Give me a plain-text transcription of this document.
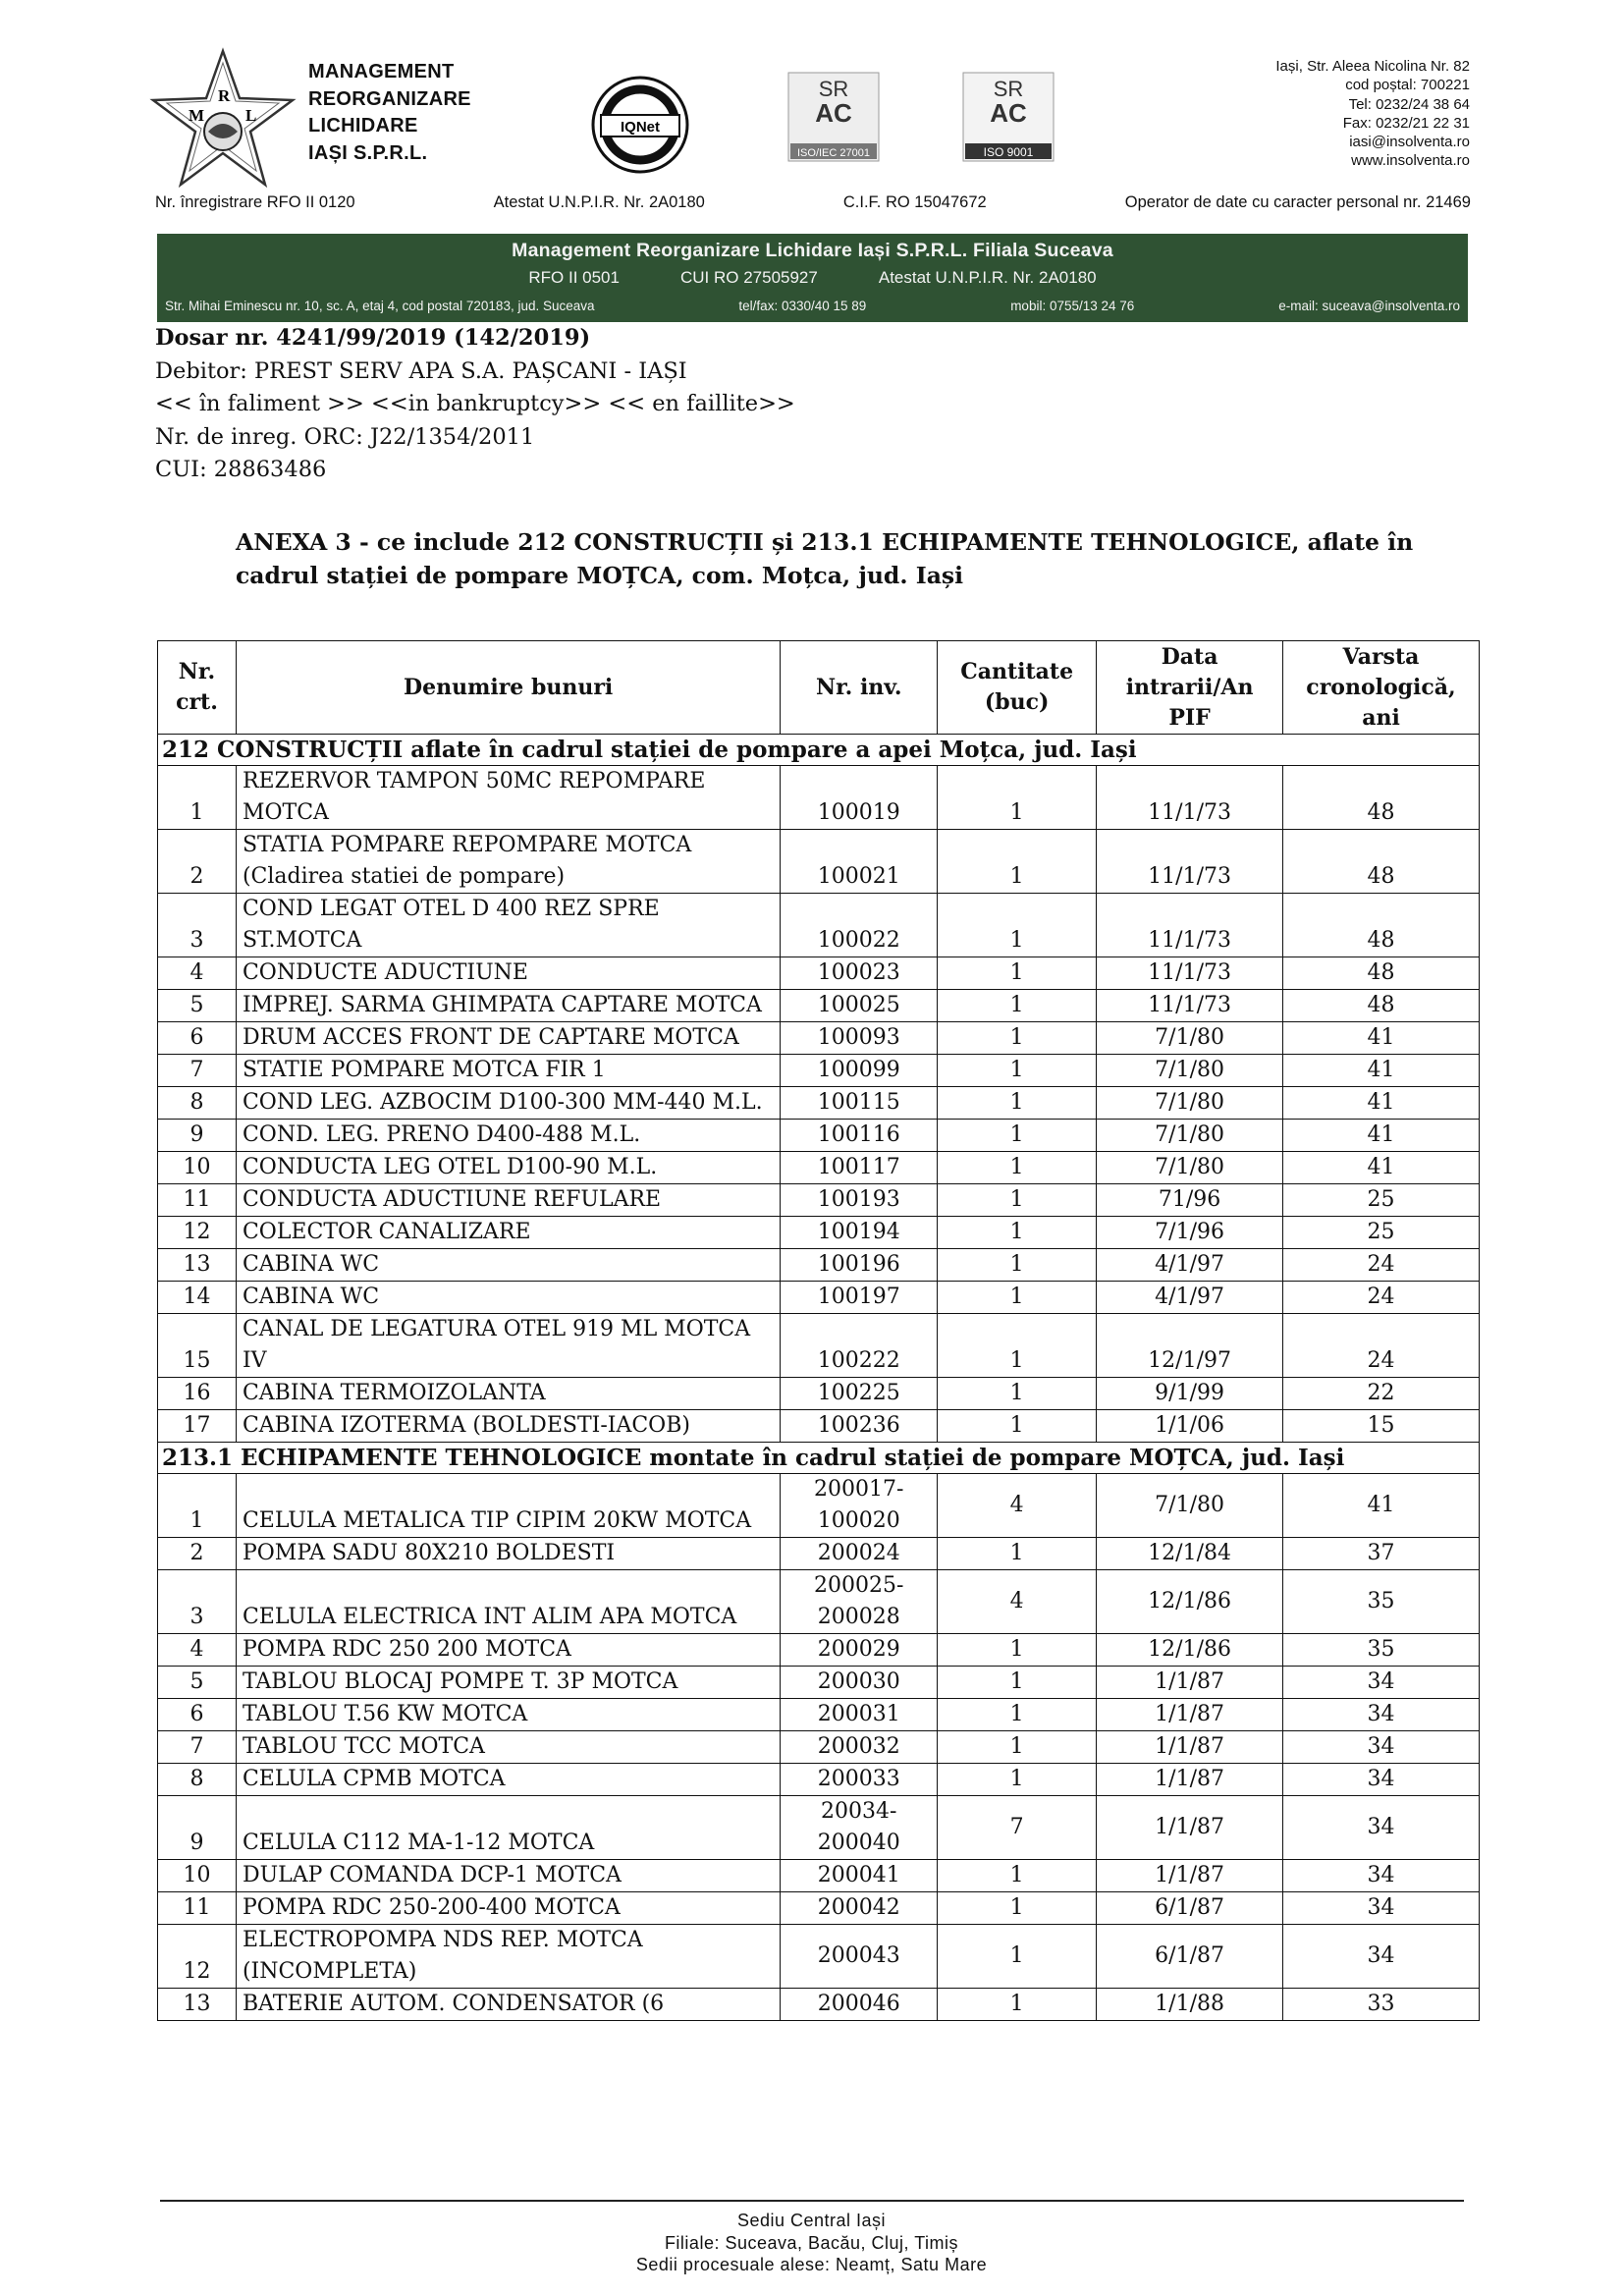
M
R
L
MANAGEMENT
REORGANIZARE
LICHIDARE
IAȘI S.P.R.L.
IQNet
SR
AC
ISO/IEC 27001
SR
AC
ISO 9001
Iași, Str. Aleea Nicolina Nr. 82
cod poștal: 700221
Tel: 0232/24 38 64
Fax: 0232/21 22 31
iasi@insolventa.ro
www.insolventa.ro
Nr. înregistrare RFO II 0120	Atestat U.N.P.I.R. Nr. 2A0180	C.I.F. RO 15047672	Operator de date cu caracter personal nr. 21469
Management Reorganizare Lichidare Iași S.P.R.L. Filiala Suceava
RFO II 0501	CUI RO 27505927	Atestat U.N.P.I.R. Nr. 2A0180
Str. Mihai Eminescu nr. 10, sc. A, etaj 4, cod postal 720183, jud. Suceava	tel/fax: 0330/40 15 89	mobil: 0755/13 24 76	e-mail: suceava@insolventa.ro
Dosar nr. 4241/99/2019 (142/2019)
Debitor: PREST SERV APA S.A. PAȘCANI - IAȘI
<< în faliment >> <<in bankruptcy>> << en faillite>>
Nr. de inreg. ORC: J22/1354/2011
CUI: 28863486
ANEXA 3 - ce include 212 CONSTRUCȚII și 213.1 ECHIPAMENTE TEHNOLOGICE, aflate în cadrul stației de pompare MOȚCA, com. Moțca, jud. Iași
Nr. crt.	Denumire bunuri	Nr. inv.	Cantitate (buc)	Data intrarii/An PIF	Varsta cronologică, ani
212 CONSTRUCȚII aflate în cadrul stației de pompare a apei Moțca, jud. Iași					
1	REZERVOR TAMPON 50MC REPOMPARE MOTCA	100019	1	11/1/73	48
2	STATIA POMPARE REPOMPARE MOTCA (Cladirea statiei de pompare)	100021	1	11/1/73	48
3	COND LEGAT OTEL D 400 REZ SPRE ST.MOTCA	100022	1	11/1/73	48
4	CONDUCTE ADUCTIUNE	100023	1	11/1/73	48
5	IMPREJ. SARMA GHIMPATA CAPTARE MOTCA	100025	1	11/1/73	48
6	DRUM ACCES FRONT DE CAPTARE MOTCA	100093	1	7/1/80	41
7	STATIE POMPARE MOTCA FIR 1	100099	1	7/1/80	41
8	COND LEG. AZBOCIM D100-300 MM-440 M.L.	100115	1	7/1/80	41
9	COND. LEG. PRENO D400-488 M.L.	100116	1	7/1/80	41
10	CONDUCTA LEG OTEL D100-90 M.L.	100117	1	7/1/80	41
11	CONDUCTA ADUCTIUNE REFULARE	100193	1	71/96	25
12	COLECTOR CANALIZARE	100194	1	7/1/96	25
13	CABINA WC	100196	1	4/1/97	24
14	CABINA WC	100197	1	4/1/97	24
15	CANAL DE LEGATURA OTEL 919 ML MOTCA IV	100222	1	12/1/97	24
16	CABINA TERMOIZOLANTA	100225	1	9/1/99	22
17	CABINA IZOTERMA (BOLDESTI-IACOB)	100236	1	1/1/06	15
213.1 ECHIPAMENTE TEHNOLOGICE montate în cadrul stației de pompare MOȚCA, jud. Iași					
1	CELULA METALICA TIP CIPIM 20KW MOTCA	200017-100020	4	7/1/80	41
2	POMPA SADU 80X210 BOLDESTI	200024	1	12/1/84	37
3	CELULA ELECTRICA INT ALIM APA MOTCA	200025-200028	4	12/1/86	35
4	POMPA RDC 250 200 MOTCA	200029	1	12/1/86	35
5	TABLOU BLOCAJ POMPE T. 3P MOTCA	200030	1	1/1/87	34
6	TABLOU T.56 KW MOTCA	200031	1	1/1/87	34
7	TABLOU TCC MOTCA	200032	1	1/1/87	34
8	CELULA CPMB MOTCA	200033	1	1/1/87	34
9	CELULA C112 MA-1-12 MOTCA	20034-200040	7	1/1/87	34
10	DULAP COMANDA DCP-1 MOTCA	200041	1	1/1/87	34
11	POMPA RDC 250-200-400 MOTCA	200042	1	6/1/87	34
12	ELECTROPOMPA NDS REP. MOTCA (INCOMPLETA)	200043	1	6/1/87	34
13	BATERIE AUTOM. CONDENSATOR (6	200046	1	1/1/88	33
Sediu Central Iași
Filiale: Suceava, Bacău, Cluj, Timiș
Sedii procesuale alese: Neamț, Satu Mare
